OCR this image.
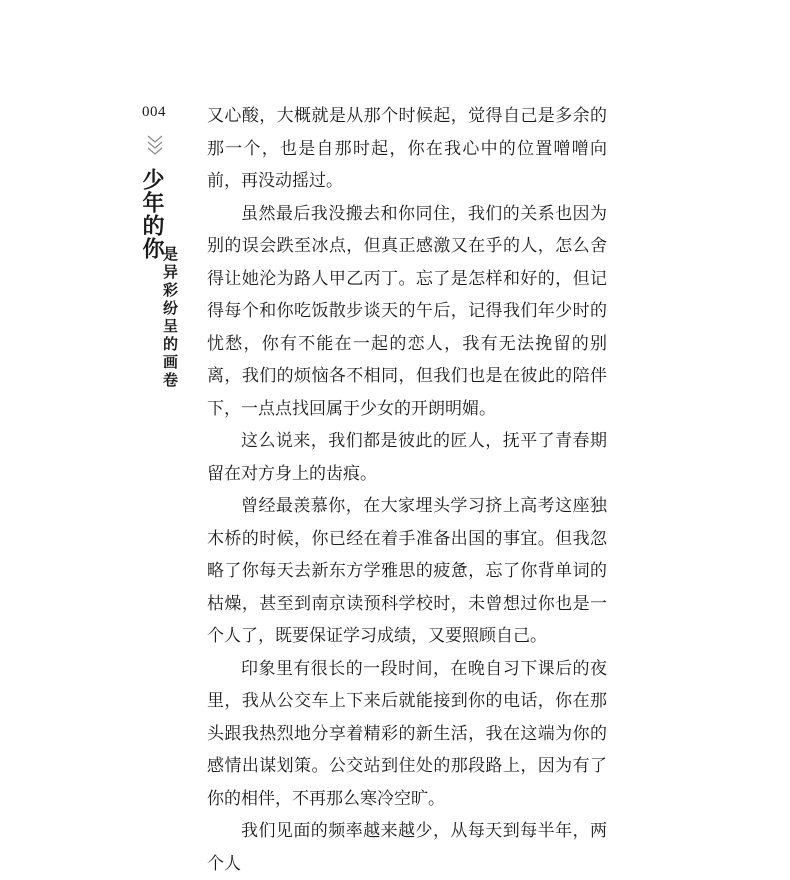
004
少年的你
是异彩纷呈的画卷

又心酸，大概就是从那个时候起，觉得自己是多余的那一个，也是自那时起，你在我心中的位置噌噌向前，再没动摇过。

虽然最后我没搬去和你同住，我们的关系也因为别的误会跌至冰点，但真正感激又在乎的人，怎么舍得让她沦为路人甲乙丙丁。忘了是怎样和好的，但记得每个和你吃饭散步谈天的午后，记得我们年少时的忧愁，你有不能在一起的恋人，我有无法挽留的别离，我们的烦恼各不相同，但我们也是在彼此的陪伴下，一点点找回属于少女的开朗明媚。

这么说来，我们都是彼此的匠人，抚平了青春期留在对方身上的齿痕。

曾经最羡慕你，在大家埋头学习挤上高考这座独木桥的时候，你已经在着手准备出国的事宜。但我忽略了你每天去新东方学雅思的疲惫，忘了你背单词的枯燥，甚至到南京读预科学校时，未曾想过你也是一个人了，既要保证学习成绩，又要照顾自己。

印象里有很长的一段时间，在晚自习下课后的夜里，我从公交车上下来后就能接到你的电话，你在那头跟我热烈地分享着精彩的新生活，我在这端为你的感情出谋划策。公交站到住处的那段路上，因为有了你的相伴，不再那么寒冷空旷。

我们见面的频率越来越少，从每天到每半年，两个人
